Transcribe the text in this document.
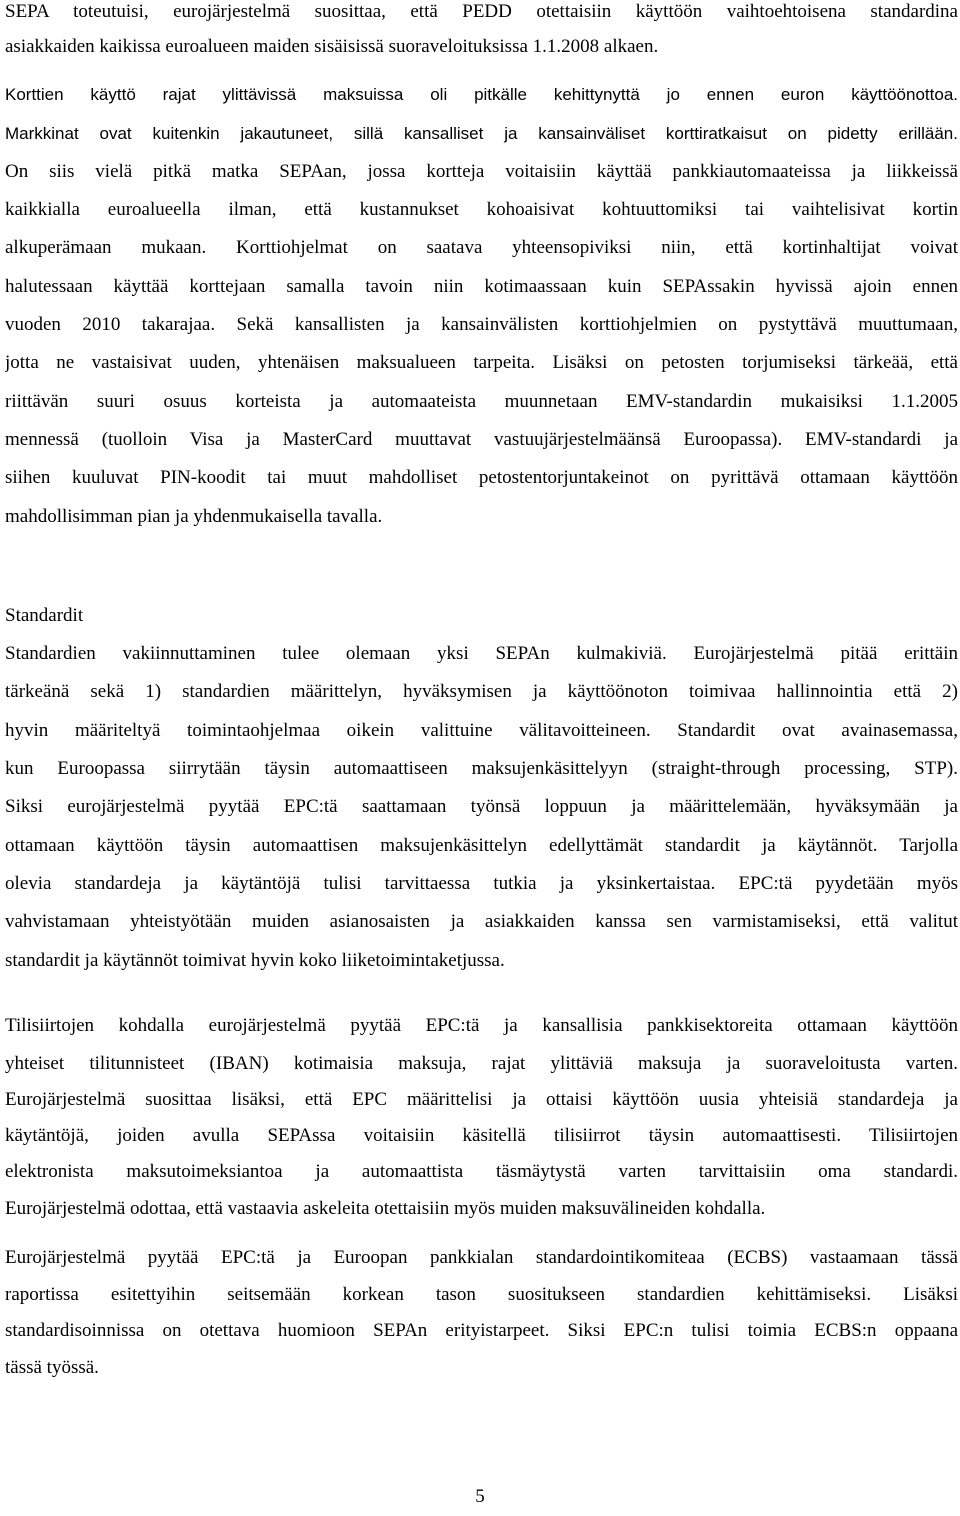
SEPA toteutuisi, eurojärjestelmä suosittaa, että PEDD otettaisiin käyttöön vaihtoehtoisena standardina
asiakkaiden kaikissa euroalueen maiden sisäisissä suoraveloituksissa 1.1.2008 alkaen.
Korttien käyttö rajat ylittävissä maksuissa oli pitkälle kehittynyttä jo ennen euron käyttöönottoa.
Markkinat ovat kuitenkin jakautuneet, sillä kansalliset ja kansainväliset korttiratkaisut on pidetty erillään.
On siis vielä pitkä matka SEPAan, jossa kortteja voitaisiin käyttää pankkiautomaateissa ja liikkeissä
kaikkialla euroalueella ilman, että kustannukset kohoaisivat kohtuuttomiksi tai vaihtelisivat kortin
alkuperämaan mukaan. Korttiohjelmat on saatava yhteensopiviksi niin, että kortinhaltijat voivat
halutessaan käyttää korttejaan samalla tavoin niin kotimaassaan kuin SEPAssakin hyvissä ajoin ennen
vuoden 2010 takarajaa. Sekä kansallisten ja kansainvälisten korttiohjelmien on pystyttävä muuttumaan,
jotta ne vastaisivat uuden, yhtenäisen maksualueen tarpeita. Lisäksi on petosten torjumiseksi tärkeää, että
riittävän suuri osuus korteista ja automaateista muunnetaan EMV-standardin mukaisiksi 1.1.2005
mennessä (tuolloin Visa ja MasterCard muuttavat vastuujärjestelmäänsä Euroopassa). EMV-standardi ja
siihen kuuluvat PIN-koodit tai muut mahdolliset petostentorjuntakeinot on pyrittävä ottamaan käyttöön
mahdollisimman pian ja yhdenmukaisella tavalla.
Standardit
Standardien vakiinnuttaminen tulee olemaan yksi SEPAn kulmakiviä. Eurojärjestelmä pitää erittäin
tärkeänä sekä 1) standardien määrittelyn, hyväksymisen ja käyttöönoton toimivaa hallinnointia että 2)
hyvin määriteltyä toimintaohjelmaa oikein valittuine välitavoitteineen. Standardit ovat avainasemassa,
kun Euroopassa siirrytään täysin automaattiseen maksujenkäsittelyyn (straight-through processing, STP).
Siksi eurojärjestelmä pyytää EPC:tä saattamaan työnsä loppuun ja määrittelemään, hyväksymään ja
ottamaan käyttöön täysin automaattisen maksujenkäsittelyn edellyttämät standardit ja käytännöt. Tarjolla
olevia standardeja ja käytäntöjä tulisi tarvittaessa tutkia ja yksinkertaistaa. EPC:tä pyydetään myös
vahvistamaan yhteistyötään muiden asianosaisten ja asiakkaiden kanssa sen varmistamiseksi, että valitut
standardit ja käytännöt toimivat hyvin koko liiketoimintaketjussa.
Tilisiirtojen kohdalla eurojärjestelmä pyytää EPC:tä ja kansallisia pankkisektoreita ottamaan käyttöön
yhteiset tilitunnisteet (IBAN) kotimaisia maksuja, rajat ylittäviä maksuja ja suoraveloitusta varten.
Eurojärjestelmä suosittaa lisäksi, että EPC määrittelisi ja ottaisi käyttöön uusia yhteisiä standardeja ja
käytäntöjä, joiden avulla SEPAssa voitaisiin käsitellä tilisiirrot täysin automaattisesti. Tilisiirtojen
elektronista maksutoimeksiantoa ja automaattista täsmäytystä varten tarvittaisiin oma standardi.
Eurojärjestelmä odottaa, että vastaavia askeleita otettaisiin myös muiden maksuvälineiden kohdalla.
Eurojärjestelmä pyytää EPC:tä ja Euroopan pankkialan standardointikomiteaa (ECBS) vastaamaan tässä
raportissa esitettyihin seitsemään korkean tason suositukseen standardien kehittämiseksi. Lisäksi
standardisoinnissa on otettava huomioon SEPAn erityistarpeet. Siksi EPC:n tulisi toimia ECBS:n oppaana
tässä työssä.
5
